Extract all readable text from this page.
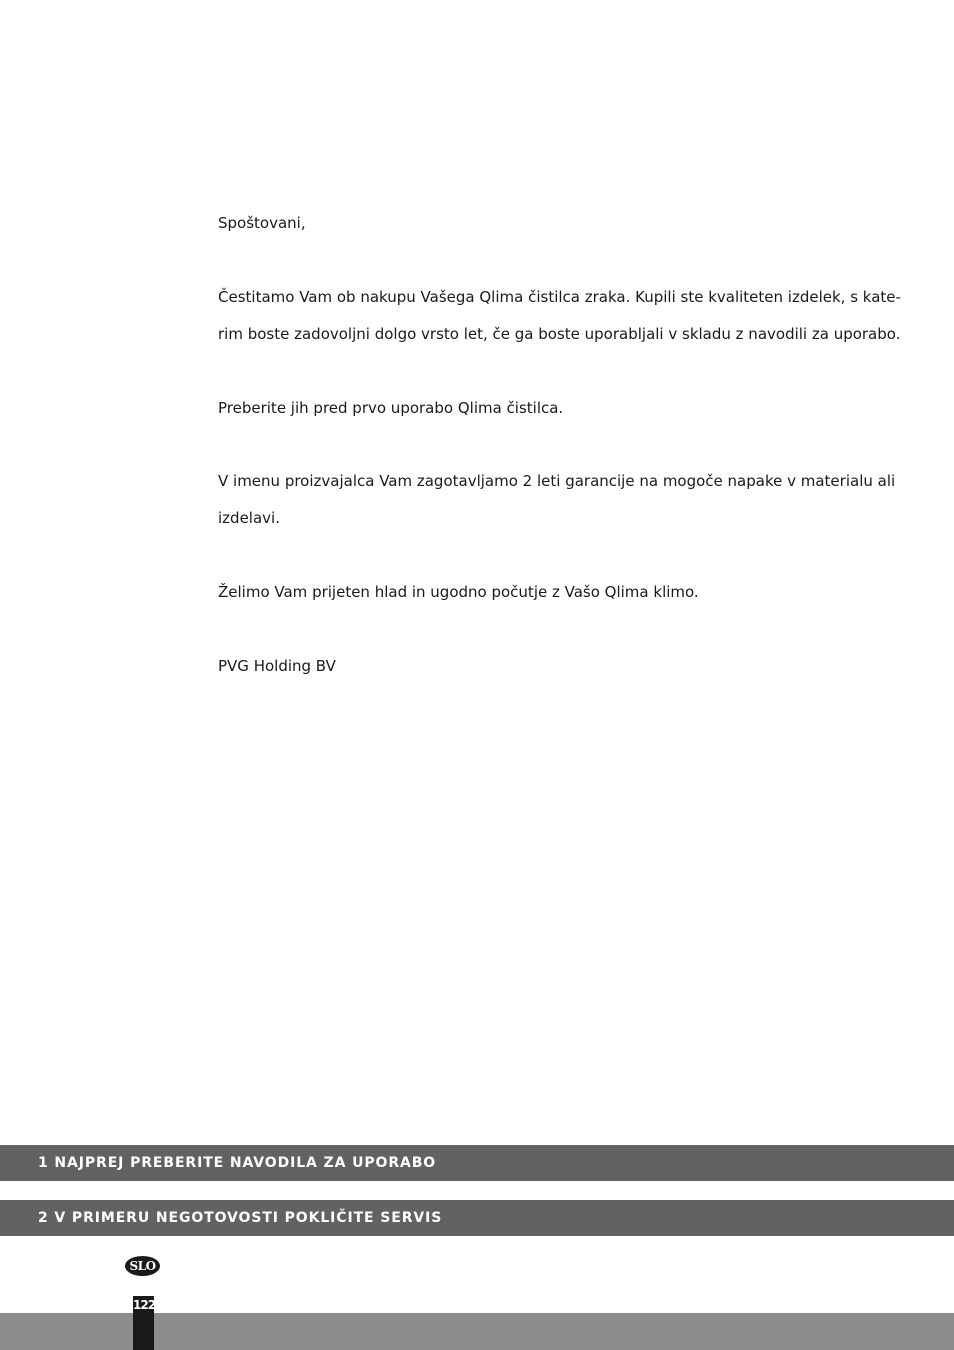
Spoštovani,
Čestitamo Vam ob nakupu Vašega Qlima čistilca zraka. Kupili ste kvaliteten izdelek, s kate-
rim boste zadovoljni dolgo vrsto let, če ga boste uporabljali v skladu z navodili za uporabo.
Preberite jih pred prvo uporabo Qlima čistilca.
V imenu proizvajalca Vam zagotavljamo 2 leti garancije na mogoče napake v materialu ali
izdelavi.
Želimo Vam prijeten hlad in ugodno počutje z Vašo Qlima klimo.
PVG Holding BV
1 NAJPREJ PREBERITE NAVODILA ZA UPORABO
2 V PRIMERU NEGOTOVOSTI POKLIČITE SERVIS
SLO
122
